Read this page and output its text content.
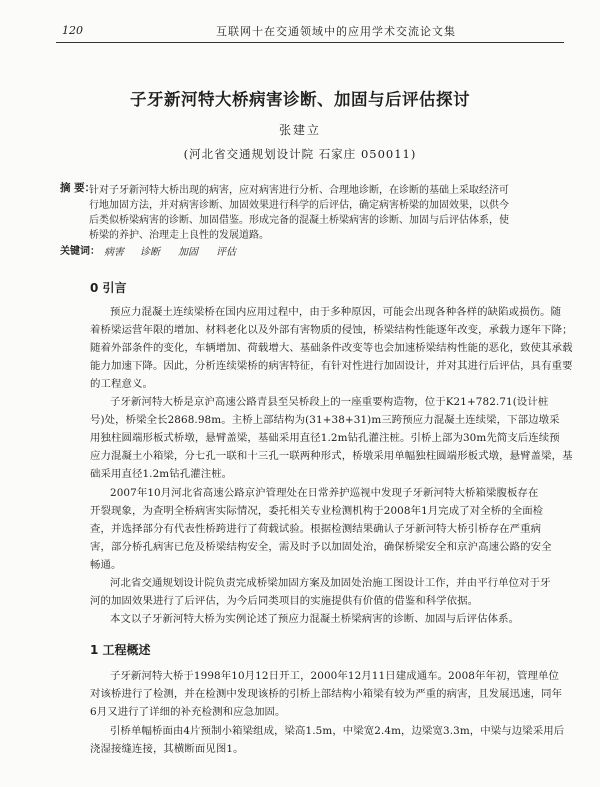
120	互联网十在交通领域中的应用学术交流论文集
子牙新河特大桥病害诊断、加固与后评估探讨
张建立
(河北省交通规划设计院 石家庄 050011)
摘 要：
针对子牙新河特大桥出现的病害，应对病害进行分析、合理地诊断，在诊断的基础上采取经济可
行地加固方法，并对病害诊断、加固效果进行科学的后评估，确定病害桥梁的加固效果，以供今
后类似桥梁病害的诊断、加固借鉴。形成完备的混凝土桥梁病害的诊断、加固与后评估体系，使
桥梁的养护、治理走上良性的发展道路。
关键词： 病害 诊断 加固 评估
0 引言
预应力混凝土连续梁桥在国内应用过程中，由于多种原因，可能会出现各种各样的缺陷或损伤。随
着桥梁运营年限的增加、材料老化以及外部有害物质的侵蚀，桥梁结构性能逐年改变，承载力逐年下降；
随着外部条件的变化，车辆增加、荷载增大、基础条件改变等也会加速桥梁结构性能的恶化，致使其承载
能力加速下降。因此，分析连续梁桥的病害特征，有针对性进行加固设计，并对其进行后评估，具有重要
的工程意义。
子牙新河特大桥是京沪高速公路青县至吴桥段上的一座重要构造物，位于K21+782.71(设计桩
号)处，桥梁全长2868.98m。主桥上部结构为(31+38+31)m三跨预应力混凝土连续梁，下部边墩采
用独柱圆端形板式桥墩，悬臂盖梁，基础采用直径1.2m钻孔灌注桩。引桥上部为30m先简支后连续预
应力混凝土小箱梁，分七孔一联和十三孔一联两种形式，桥墩采用单幅独柱圆端形板式墩，悬臂盖梁，基
础采用直径1.2m钻孔灌注桩。
2007年10月河北省高速公路京沪管理处在日常养护巡视中发现子牙新河特大桥箱梁腹板存在
开裂现象，为查明全桥病害实际情况，委托相关专业检测机构于2008年1月完成了对全桥的全面检
查，并选择部分有代表性桥跨进行了荷载试验。根据检测结果确认子牙新河特大桥引桥存在严重病
害，部分桥孔病害已危及桥梁结构安全，需及时予以加固处治，确保桥梁安全和京沪高速公路的安全
畅通。
河北省交通规划设计院负责完成桥梁加固方案及加固处治施工图设计工作，并由平行单位对于牙
河的加固效果进行了后评估，为今后同类项目的实施提供有价值的借鉴和科学依据。
本文以子牙新河特大桥为实例论述了预应力混凝土桥梁病害的诊断、加固与后评估体系。
1 工程概述
子牙新河特大桥于1998年10月12日开工，2000年12月11日建成通车。2008年年初，管理单位
对该桥进行了检测，并在检测中发现该桥的引桥上部结构小箱梁有较为严重的病害，且发展迅速，同年
6月又进行了详细的补充检测和应急加固。
引桥单幅桥面由4片预制小箱梁组成，梁高1.5m，中梁宽2.4m，边梁宽3.3m，中梁与边梁采用后
浇湿接缝连接，其横断面见图1。
